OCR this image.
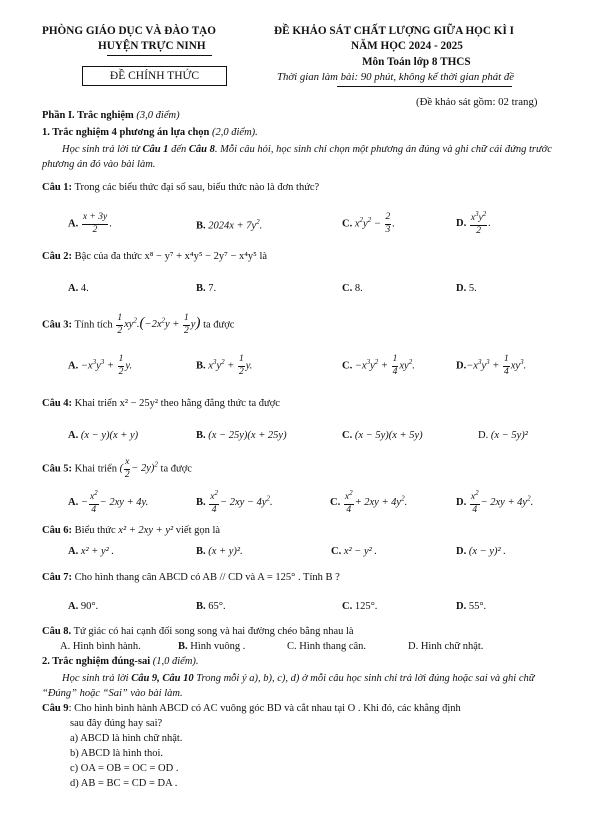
PHÒNG GIÁO DỤC VÀ ĐÀO TẠO
HUYỆN TRỰC NINH
ĐỀ CHÍNH THỨC
ĐỀ KHẢO SÁT CHẤT LƯỢNG GIỮA HỌC KÌ I
NĂM HỌC 2024 - 2025
Môn Toán lớp 8 THCS
Thời gian làm bài: 90 phút, không kể thời gian phát đề
(Đề khảo sát gồm: 02 trang)
Phần I. Trắc nghiệm (3,0 điểm)
1. Trắc nghiệm 4 phương án lựa chọn (2,0 điểm).
Học sinh trả lời từ Câu 1 đến Câu 8. Mỗi câu hỏi, học sinh chỉ chọn một phương án đúng và ghi chữ cái đứng trước phương án đó vào bài làm.
Câu 1: Trong các biểu thức đại số sau, biểu thức nào là đơn thức?
A. $\frac{x + 3y}{2}$ .	B. $2024x + 7y^2$.	C. $x^2y^2 - \frac{2}{3}$ .	D. $\frac{x^3y^2}{2}$ .
Câu 2: Bậc của đa thức x⁸ − y⁷ + x⁴y⁵ − 2y⁷ − x⁴y⁵ là
A. 4.	B. 7.	C. 8.	D. 5.
Câu 3: Tính tích $\frac{1}{2} xy^2.(-2x^2y + \frac{1}{2} y)$ ta được
A. $-x^3y^3 + \frac{1}{2} y$.	B. $x^3y^2 + \frac{1}{2} y$.	C. $-x^3y^2 + \frac{1}{4} xy^2$.	$D.-x^3y^3 + \frac{1}{4} xy^3$.
Câu 4: Khai triển x² − 25y² theo hằng đẳng thức ta được
A. (x − y)(x + y)	B. (x − 25y)(x + 25y)	C. (x − 5y)(x + 5y)	D. (x − 5y)²
Câu 5: Khai triển ( $\frac{x}{2} - 2y)^2$ ta được
A. − $\frac{x^2}{4} - 2xy + 4y$.	B. $\frac{x^2}{4} - 2xy - 4y^2$.	C. $\frac{x^2}{4} + 2xy + 4y^2$.	D. $\frac{x^2}{4} - 2xy + 4y^2$.
Câu 6: Biểu thức x² + 2xy + y² viết gọn là
A. x² + y² .	B. (x + y)².	C. x² − y² .	D. (x − y)² .
Câu 7: Cho hình thang cân ABCD có AB // CD và A = 125° . Tính B ?
A. 90°.	B. 65°.	C. 125°.	D. 55°.
Câu 8. Tứ giác có hai cạnh đối song song và hai đường chéo bằng nhau là
A. Hình bình hành.	B. Hình vuông .	C. Hình thang cân.	D. Hình chữ nhật.
2. Trắc nghiệm đúng-sai (1,0 điểm).
Học sinh trả lời Câu 9, Câu 10 Trong mỗi ý a), b), c), d) ở mỗi câu học sinh chỉ trả lời đúng hoặc sai và ghi chữ “Đúng” hoặc “Sai” vào bài làm.
Câu 9: Cho hình bình hành ABCD có AC vuông góc BD và cắt nhau tại O . Khi đó, các khẳng định
sau đây đúng hay sai?
a) ABCD là hình chữ nhật.
b) ABCD là hình thoi.
c) OA = OB = OC = OD .
d) AB = BC = CD = DA .
